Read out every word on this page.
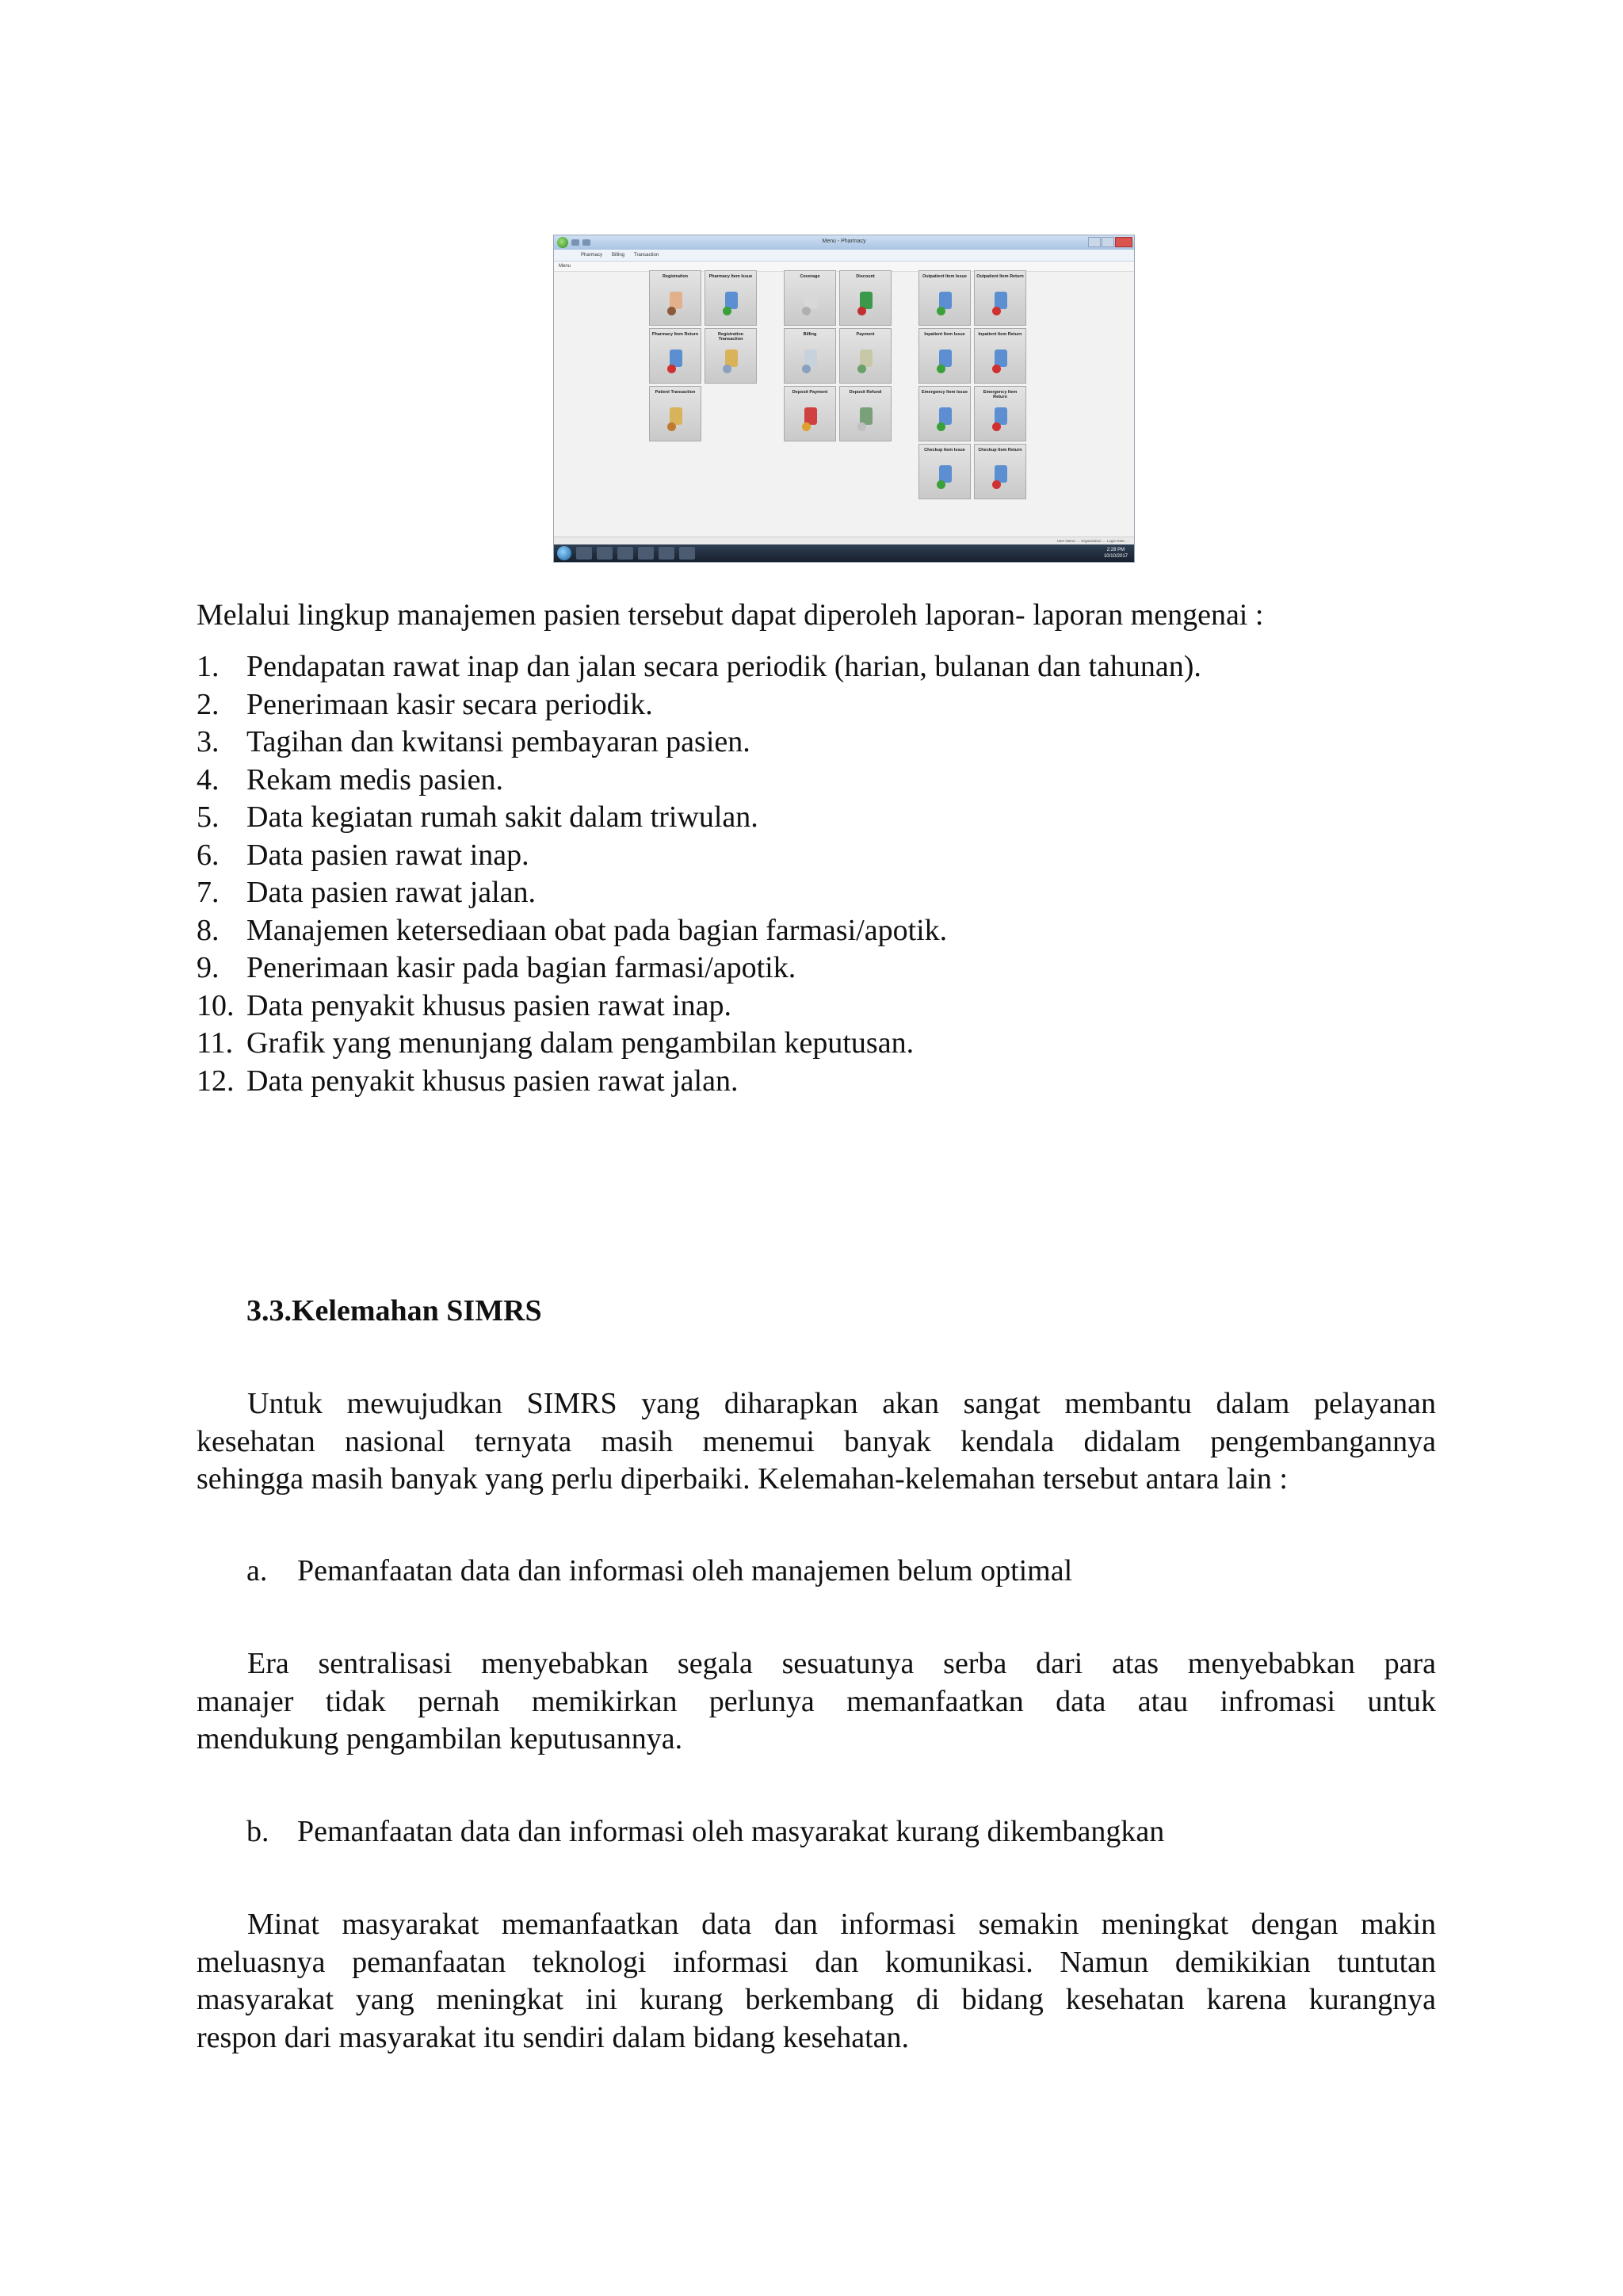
Menu - Pharmacy
Pharmacy Billing Transaction
Menu
Registration	Pharmacy Item Issue	Coverage	Discount	Outpatient Item Issue	Outpatient Item Return
Pharmacy Item Return	Registration Transaction
Billing	Payment	Inpatient Item Issue	Inpatient Item Return
Patient Transaction	Deposit Payment	Deposit Refund	Emergency Item Issue	Emergency Item Return
Checkup Item Issue	Checkup Item Return
User Name: ... Organization: ... Login Date: ...
2:28 PM
10/10/2017
Melalui lingkup manajemen pasien tersebut dapat diperoleh laporan- laporan mengenai :
1. Pendapatan rawat inap dan jalan secara periodik (harian, bulanan dan tahunan).
2. Penerimaan kasir secara periodik.
3. Tagihan dan kwitansi pembayaran pasien.
4. Rekam medis pasien.
5. Data kegiatan rumah sakit dalam triwulan.
6. Data pasien rawat inap.
7. Data pasien rawat jalan.
8. Manajemen ketersediaan obat pada bagian farmasi/apotik.
9. Penerimaan kasir pada bagian farmasi/apotik.
10. Data penyakit khusus pasien rawat inap.
11. Grafik yang menunjang dalam pengambilan keputusan.
12. Data penyakit khusus pasien rawat jalan.
3.3.Kelemahan SIMRS
Untuk mewujudkan SIMRS yang diharapkan akan sangat membantu dalam pelayanan
kesehatan nasional ternyata masih menemui banyak kendala didalam pengembangannya
sehingga masih banyak yang perlu diperbaiki. Kelemahan-kelemahan tersebut antara lain :
a. Pemanfaatan data dan informasi oleh manajemen belum optimal
Era sentralisasi menyebabkan segala sesuatunya serba dari atas menyebabkan para
manajer tidak pernah memikirkan perlunya memanfaatkan data atau infromasi untuk
mendukung pengambilan keputusannya.
b. Pemanfaatan data dan informasi oleh masyarakat kurang dikembangkan
Minat masyarakat memanfaatkan data dan informasi semakin meningkat dengan makin
meluasnya pemanfaatan teknologi informasi dan komunikasi. Namun demikikian tuntutan
masyarakat yang meningkat ini kurang berkembang di bidang kesehatan karena kurangnya
respon dari masyarakat itu sendiri dalam bidang kesehatan.
